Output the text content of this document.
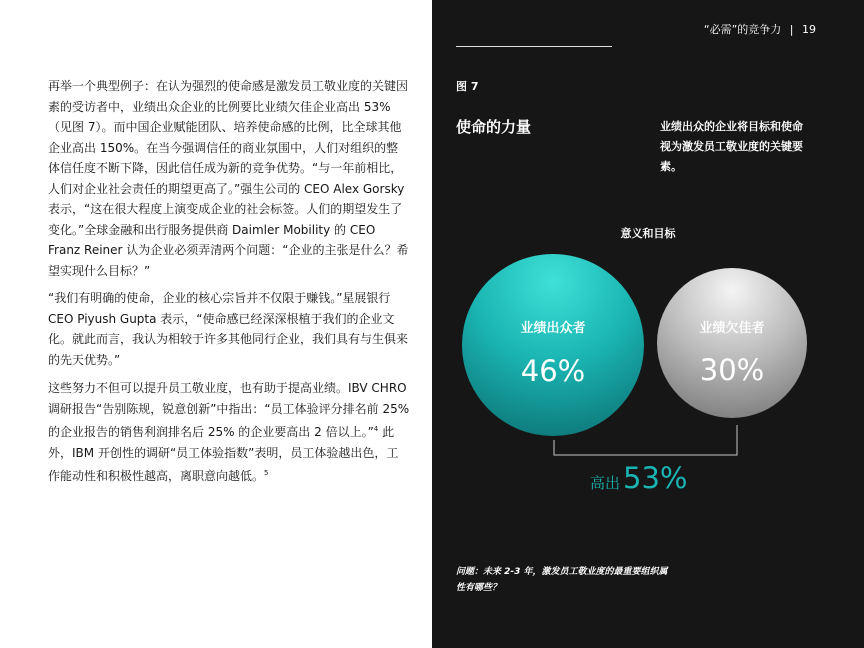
再举一个典型例子：在认为强烈的使命感是激发员工敬业度的关键因素的受访者中，业绩出众企业的比例要比业绩欠佳企业高出 53%（见图 7）。而中国企业赋能团队、培养使命感的比例，比全球其他企业高出 150%。在当今强调信任的商业氛围中，人们对组织的整体信任度不断下降，因此信任成为新的竞争优势。“与一年前相比，人们对企业社会责任的期望更高了。”强生公司的 CEO Alex Gorsky 表示，“这在很大程度上演变成企业的社会标签。人们的期望发生了变化。”全球金融和出行服务提供商 Daimler Mobility 的 CEO Franz Reiner 认为企业必须弄清两个问题：“企业的主张是什么？希望实现什么目标？”

“我们有明确的使命，企业的核心宗旨并不仅限于赚钱。”星展银行 CEO Piyush Gupta 表示，“使命感已经深深根植于我们的企业文化。就此而言，我认为相较于许多其他同行企业，我们具有与生俱来的先天优势。”

这些努力不但可以提升员工敬业度，也有助于提高业绩。IBV CHRO 调研报告“告别陈规，锐意创新”中指出：“员工体验评分排名前 25% 的企业报告的销售利润排名后 25% 的企业要高出 2 倍以上。”$^4$ 此外，IBM 开创性的调研“员工体验指数”表明，员工体验越出色，工作能动性和积极性越高，离职意向越低。$^5$

“必需”的竞争力 | 19
图 7
使命的力量	业绩出众的企业将目标和使命视为激发员工敬业度的关键要素。
意义和目标
业绩出众者
46%
业绩欠佳者
30%
高出 53%
问题：未来 2-3 年，激发员工敬业度的最重要组织属性有哪些？
